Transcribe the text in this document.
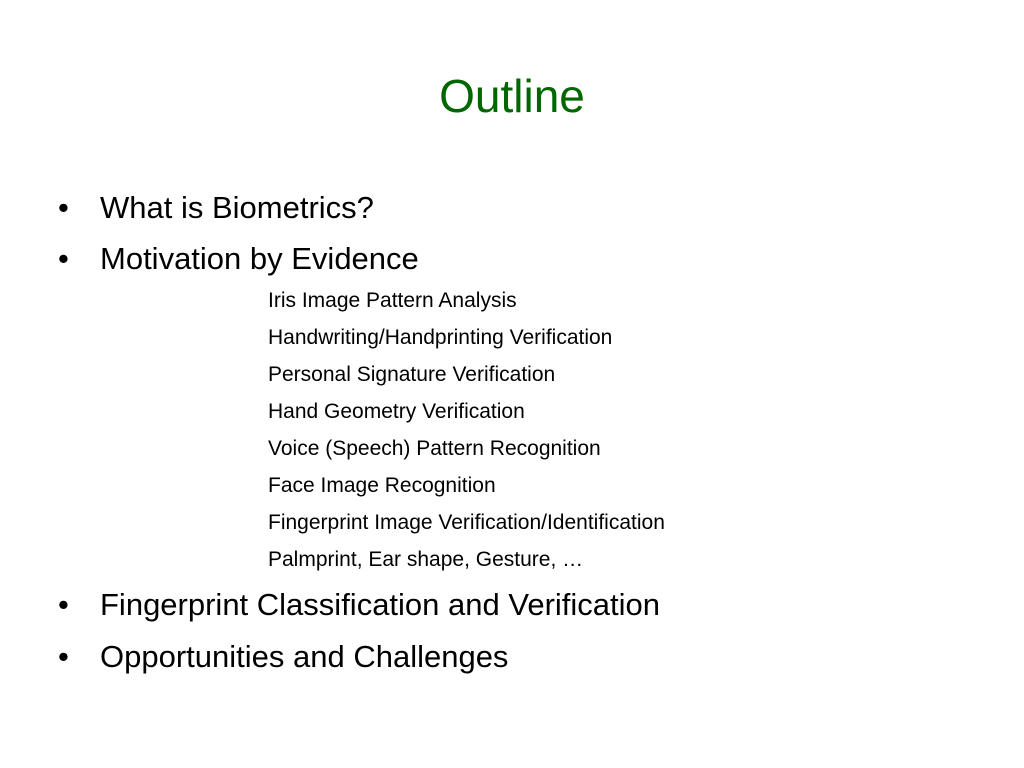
Outline
• What is Biometrics?
• Motivation by Evidence
Iris Image Pattern Analysis
Handwriting/Handprinting Verification
Personal Signature Verification
Hand Geometry Verification
Voice (Speech) Pattern Recognition
Face Image Recognition
Fingerprint Image Verification/Identification
Palmprint, Ear shape, Gesture, …
• Fingerprint Classification and Verification
• Opportunities and Challenges
